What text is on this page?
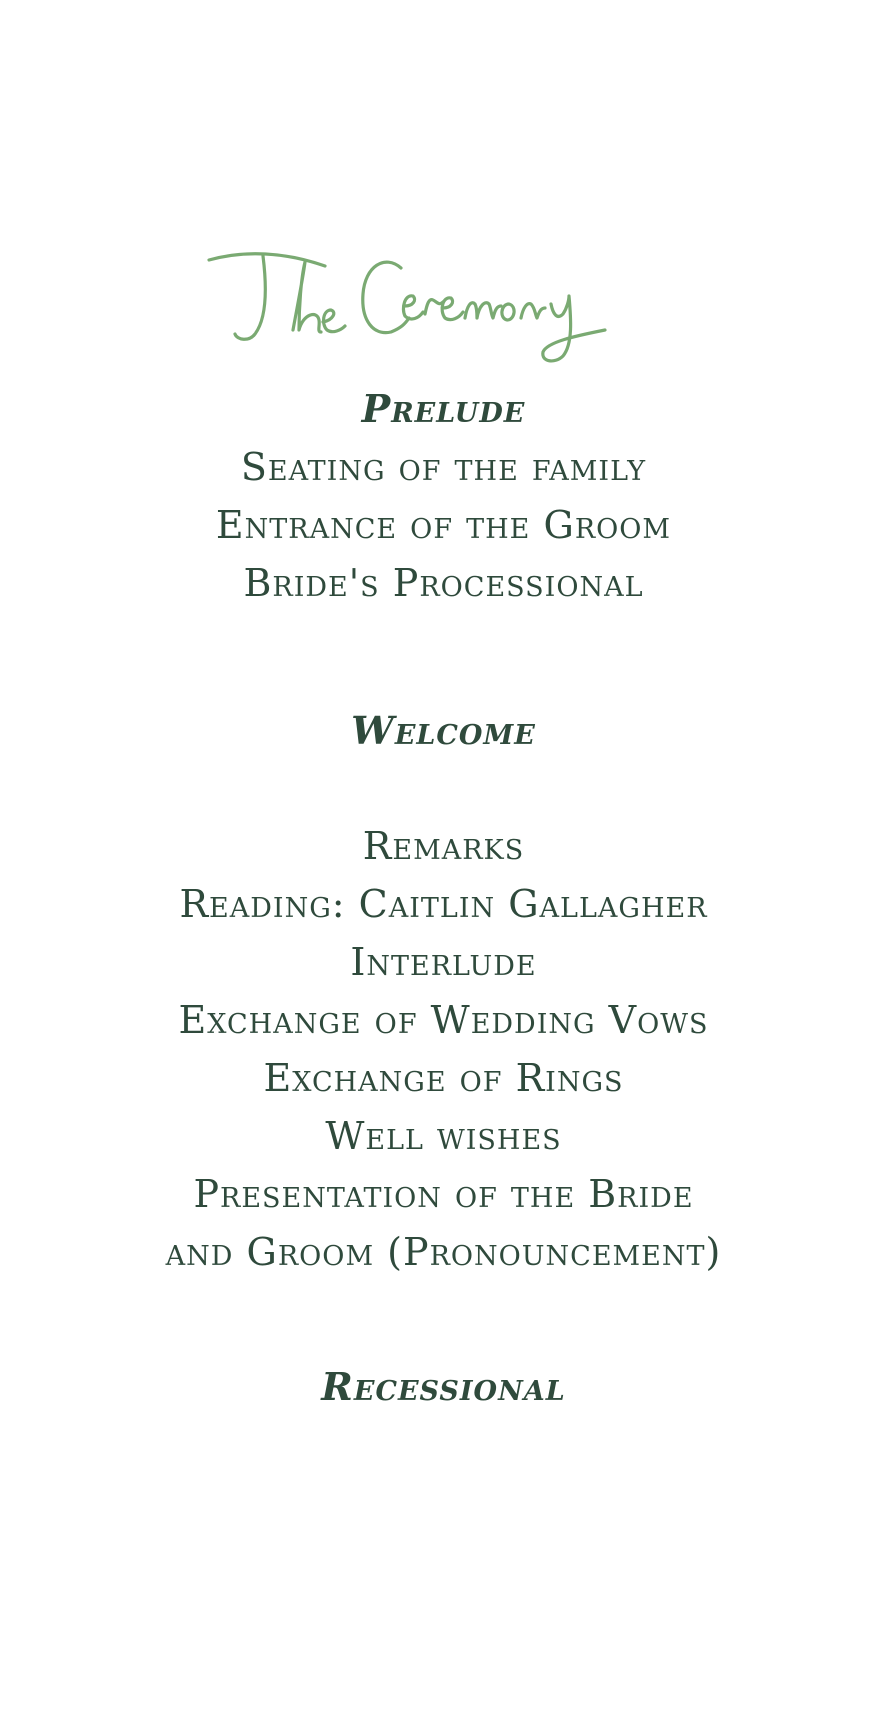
Prelude
Seating of the family
Entrance of the Groom
Bride's Processional
Welcome
Remarks
Reading: Caitlin Gallagher
Interlude
Exchange of Wedding Vows
Exchange of Rings
Well wishes
Presentation of the Bride
and Groom (Pronouncement)
Recessional
